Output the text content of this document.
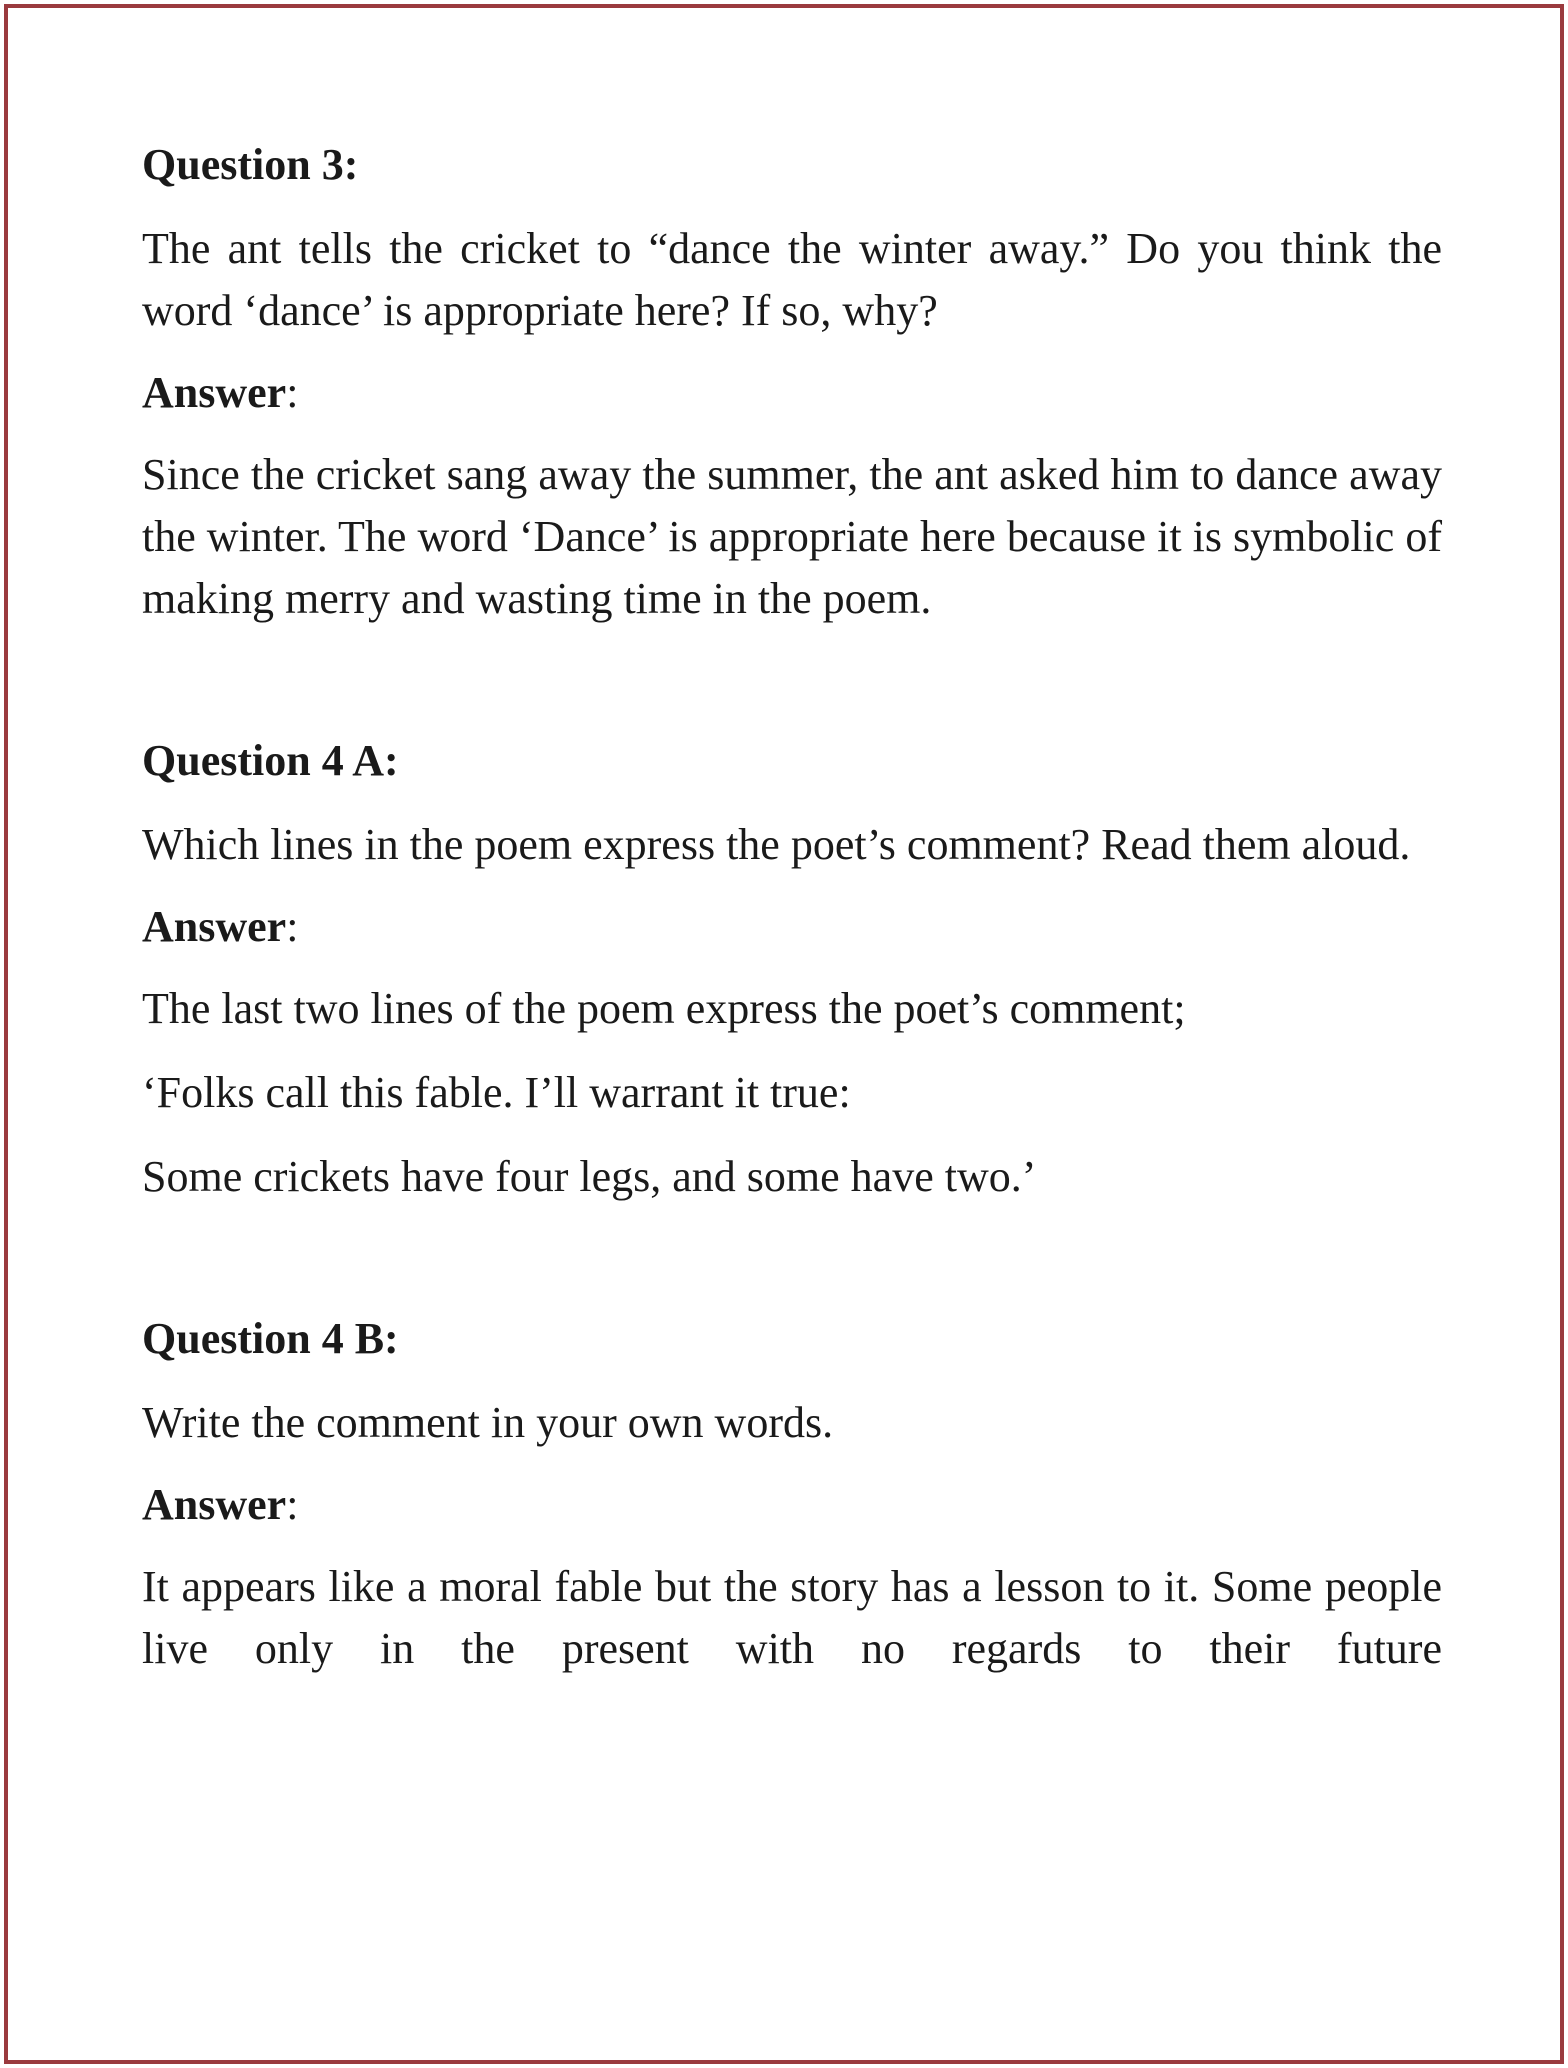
Question 3:

The ant tells the cricket to “dance the winter away.” Do you think the word ‘dance’ is appropriate here? If so, why?

Answer:

Since the cricket sang away the summer, the ant asked him to dance away the winter. The word ‘Dance’ is appropriate here because it is symbolic of making merry and wasting time in the poem.

Question 4 A:

Which lines in the poem express the poet’s comment? Read them aloud.

Answer:

The last two lines of the poem express the poet’s comment;

‘Folks call this fable. I’ll warrant it true:

Some crickets have four legs, and some have two.’

Question 4 B:

Write the comment in your own words.

Answer:

It appears like a moral fable but the story has a lesson to it. Some people live only in the present with no regards to their future
